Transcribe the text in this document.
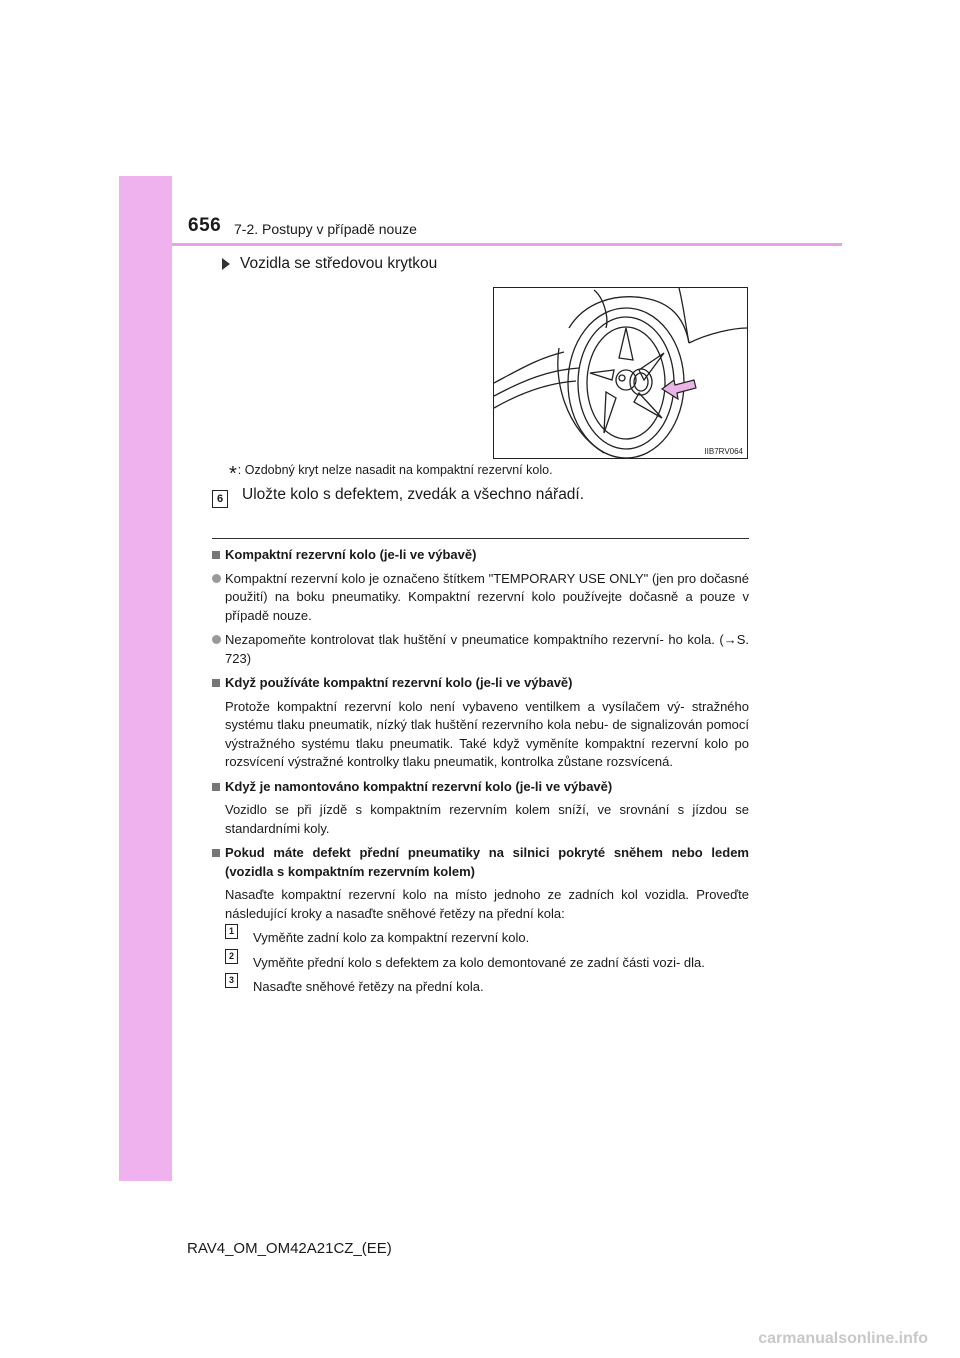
656 7-2. Postupy v případě nouze
Vozidla se středovou krytkou
IIB7RV064
*: Ozdobný kryt nelze nasadit na kompaktní rezervní kolo.
6	Uložte kolo s defektem, zvedák a všechno nářadí.
Kompaktní rezervní kolo (je-li ve výbavě)
Kompaktní rezervní kolo je označeno štítkem "TEMPORARY USE ONLY" (jen pro dočasné použití) na boku pneumatiky. Kompaktní rezervní kolo používejte dočasně a pouze v případě nouze.
Nezapomeňte kontrolovat tlak huštění v pneumatice kompaktního rezervní- ho kola. (→S. 723)
Když používáte kompaktní rezervní kolo (je-li ve výbavě)
Protože kompaktní rezervní kolo není vybaveno ventilkem a vysílačem vý- stražného systému tlaku pneumatik, nízký tlak huštění rezervního kola nebu- de signalizován pomocí výstražného systému tlaku pneumatik. Také když vyměníte kompaktní rezervní kolo po rozsvícení výstražné kontrolky tlaku pneumatik, kontrolka zůstane rozsvícená.
Když je namontováno kompaktní rezervní kolo (je-li ve výbavě)
Vozidlo se při jízdě s kompaktním rezervním kolem sníží, ve srovnání s jízdou se standardními koly.
Pokud máte defekt přední pneumatiky na silnici pokryté sněhem nebo ledem (vozidla s kompaktním rezervním kolem)
Nasaďte kompaktní rezervní kolo na místo jednoho ze zadních kol vozidla. Proveďte následující kroky a nasaďte sněhové řetězy na přední kola:
1	Vyměňte zadní kolo za kompaktní rezervní kolo.
2	Vyměňte přední kolo s defektem za kolo demontované ze zadní části vozi- dla.
3	Nasaďte sněhové řetězy na přední kola.
RAV4_OM_OM42A21CZ_(EE)
carmanualsonline.info
